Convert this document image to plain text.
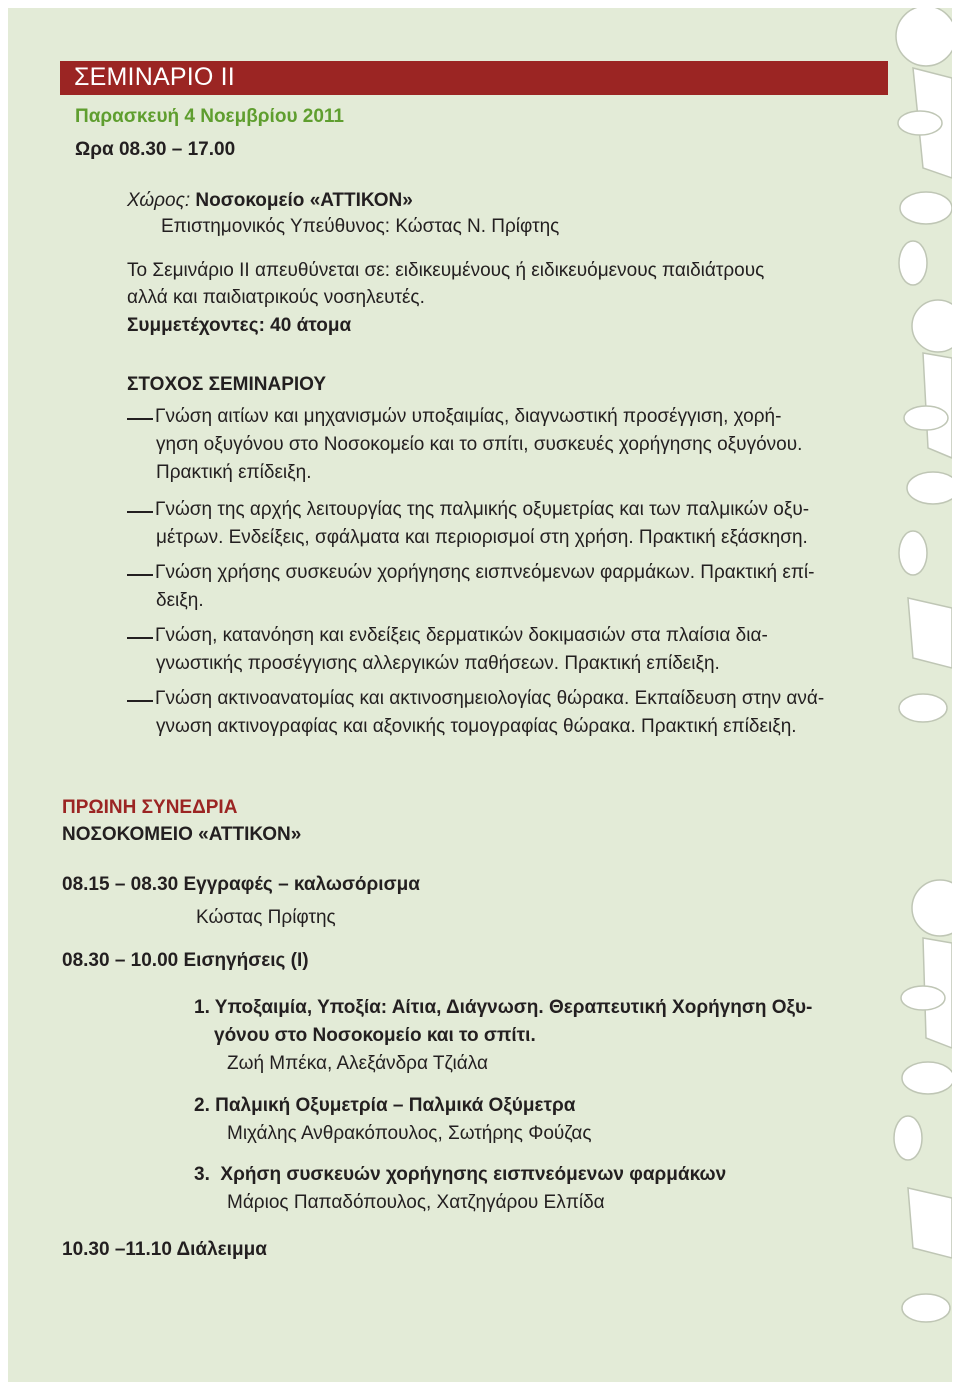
ΣΕΜΙΝΑΡΙΟ ΙΙ
Παρασκευή 4 Νοεμβρίου 2011
Ωρα 08.30 – 17.00
Χώρος: Νοσοκομείο «ΑΤΤΙΚΟΝ»
Επιστημονικός Υπεύθυνος: Κώστας Ν. Πρίφτης
Το Σεμινάριο ΙΙ απευθύνεται σε: ειδικευμένους ή ειδικευόμενους παιδιάτρους
αλλά και παιδιατρικούς νοσηλευτές.
Συμμετέχοντες: 40 άτομα
ΣΤΟΧΟΣ ΣΕΜΙΝΑΡΙΟΥ
Γνώση αιτίων και μηχανισμών υποξαιμίας, διαγνωστική προσέγγιση, χορή-
γηση οξυγόνου στο Νοσοκομείο και το σπίτι, συσκευές χορήγησης οξυγόνου.
Πρακτική επίδειξη.
Γνώση της αρχής λειτουργίας της παλμικής οξυμετρίας και των παλμικών οξυ-
μέτρων. Ενδείξεις, σφάλματα και περιορισμοί στη χρήση. Πρακτική εξάσκηση.
Γνώση χρήσης συσκευών χορήγησης εισπνεόμενων φαρμάκων. Πρακτική επί-
δειξη.
Γνώση, κατανόηση και ενδείξεις δερματικών δοκιμασιών στα πλαίσια δια-
γνωστικής προσέγγισης αλλεργικών παθήσεων. Πρακτική επίδειξη.
Γνώση ακτινοανατομίας και ακτινοσημειολογίας θώρακα. Εκπαίδευση στην ανά-
γνωση ακτινογραφίας και αξονικής τομογραφίας θώρακα. Πρακτική επίδειξη.
ΠΡΩΙΝΗ ΣΥΝΕΔΡΙΑ
ΝΟΣΟΚΟΜΕΙΟ «ΑΤΤΙΚΟΝ»
08.15 – 08.30 Εγγραφές – καλωσόρισμα
Κώστας Πρίφτης
08.30 – 10.00 Εισηγήσεις (Ι)
1. Υποξαιμία, Υποξία: Αίτια, Διάγνωση. Θεραπευτική Χορήγηση Οξυ-
γόνου στο Νοσοκομείο και το σπίτι.
Ζωή Μπέκα, Αλεξάνδρα Τζιάλα
2. Παλμική Οξυμετρία – Παλμικά Οξύμετρα
Μιχάλης Ανθρακόπουλος, Σωτήρης Φούζας
3. Χρήση συσκευών χορήγησης εισπνεόμενων φαρμάκων
Μάριος Παπαδόπουλος, Χατζηγάρου Ελπίδα
10.30 –11.10 Διάλειμμα
